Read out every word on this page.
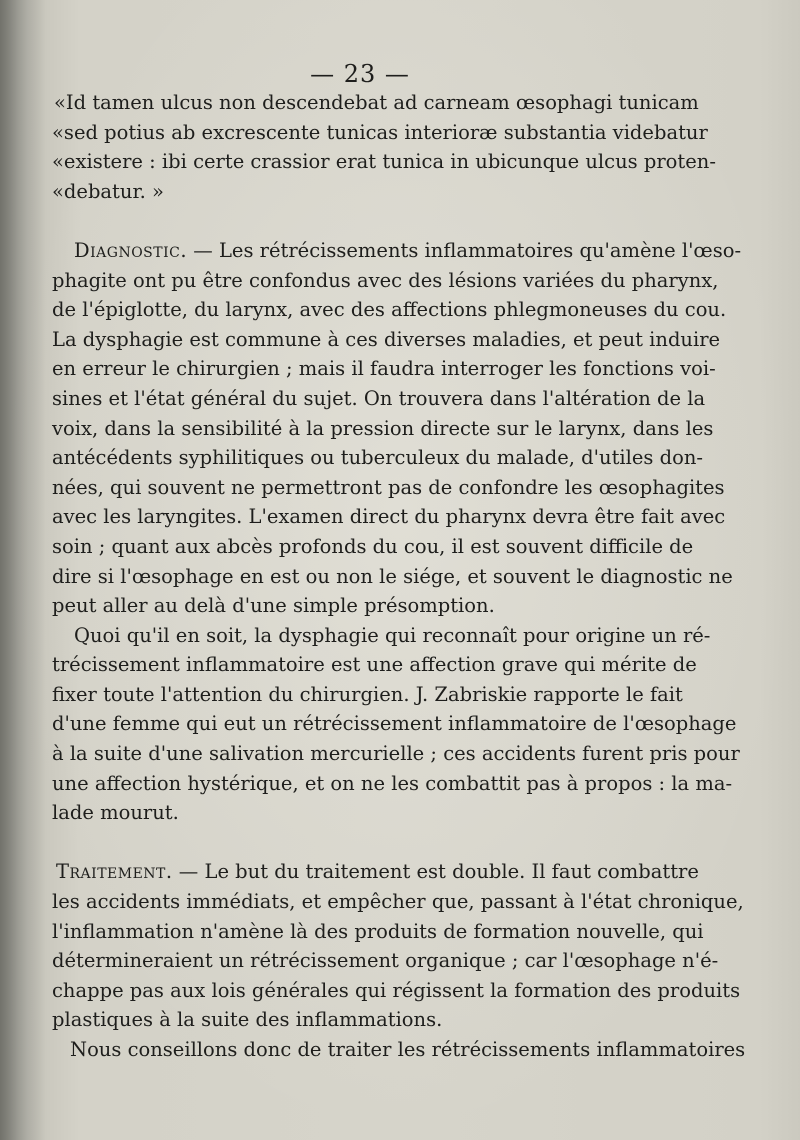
— 23 —
«Id tamen ulcus non descendebat ad carneam œsophagi tunicam
«sed potius ab excrescente tunicas interioræ substantia videbatur
«existere : ibi certe crassior erat tunica in ubicunque ulcus proten-
«debatur. »
Diagnostic. — Les rétrécissements inflammatoires qu'amène l'œso-
phagite ont pu être confondus avec des lésions variées du pharynx,
de l'épiglotte, du larynx, avec des affections phlegmoneuses du cou.
La dysphagie est commune à ces diverses maladies, et peut induire
en erreur le chirurgien ; mais il faudra interroger les fonctions voi-
sines et l'état général du sujet. On trouvera dans l'altération de la
voix, dans la sensibilité à la pression directe sur le larynx, dans les
antécédents syphilitiques ou tuberculeux du malade, d'utiles don-
nées, qui souvent ne permettront pas de confondre les œsophagites
avec les laryngites. L'examen direct du pharynx devra être fait avec
soin ; quant aux abcès profonds du cou, il est souvent difficile de
dire si l'œsophage en est ou non le siége, et souvent le diagnostic ne
peut aller au delà d'une simple présomption.
Quoi qu'il en soit, la dysphagie qui reconnaît pour origine un ré-
trécissement inflammatoire est une affection grave qui mérite de
fixer toute l'attention du chirurgien. J. Zabriskie rapporte le fait
d'une femme qui eut un rétrécissement inflammatoire de l'œsophage
à la suite d'une salivation mercurielle ; ces accidents furent pris pour
une affection hystérique, et on ne les combattit pas à propos : la ma-
lade mourut.
Traitement. — Le but du traitement est double. Il faut combattre
les accidents immédiats, et empêcher que, passant à l'état chronique,
l'inflammation n'amène là des produits de formation nouvelle, qui
détermineraient un rétrécissement organique ; car l'œsophage n'é-
chappe pas aux lois générales qui régissent la formation des produits
plastiques à la suite des inflammations.
Nous conseillons donc de traiter les rétrécissements inflammatoires
